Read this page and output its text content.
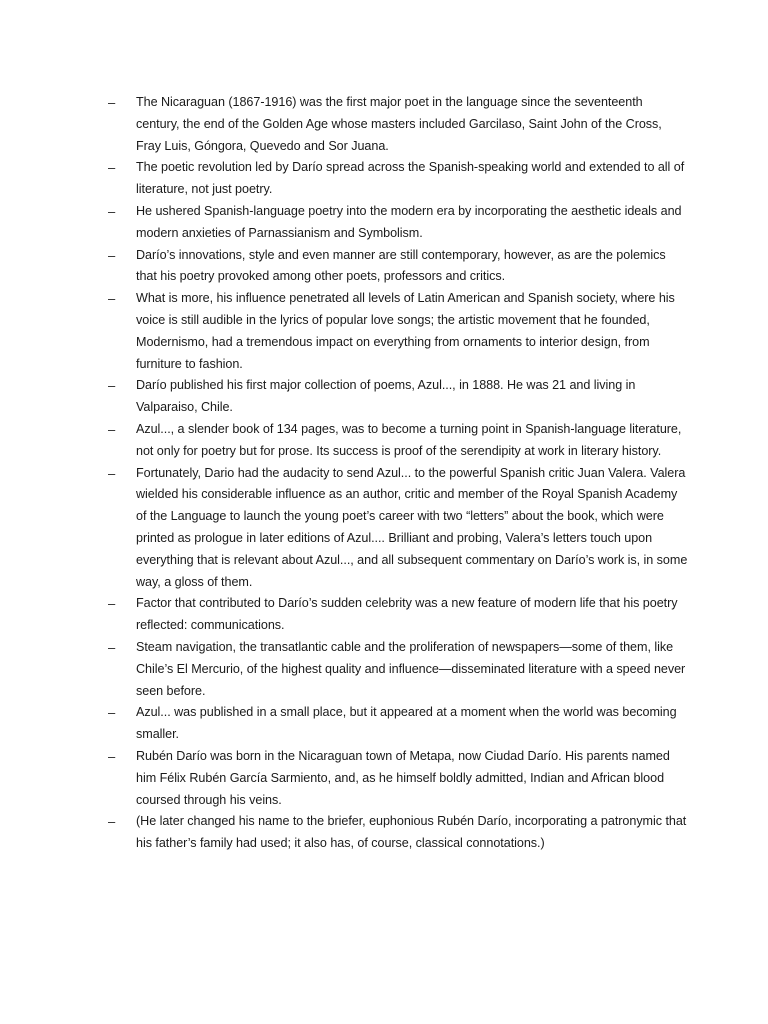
–	The Nicaraguan (1867-1916) was the first major poet in the language since the seventeenth century, the end of the Golden Age whose masters included Garcilaso, Saint John of the Cross, Fray Luis, Góngora, Quevedo and Sor Juana.
–	The poetic revolution led by Darío spread across the Spanish-speaking world and extended to all of literature, not just poetry.
–	He ushered Spanish-language poetry into the modern era by incorporating the aesthetic ideals and modern anxieties of Parnassianism and Symbolism.
–	Darío’s innovations, style and even manner are still contemporary, however, as are the polemics that his poetry provoked among other poets, professors and critics.
–	What is more, his influence penetrated all levels of Latin American and Spanish society, where his voice is still audible in the lyrics of popular love songs; the artistic movement that he founded, Modernismo, had a tremendous impact on everything from ornaments to interior design, from furniture to fashion.
–	Darío published his first major collection of poems, Azul..., in 1888. He was 21 and living in Valparaiso, Chile.
–	Azul..., a slender book of 134 pages, was to become a turning point in Spanish-language literature, not only for poetry but for prose. Its success is proof of the serendipity at work in literary history.
–	Fortunately, Dario had the audacity to send Azul... to the powerful Spanish critic Juan Valera. Valera wielded his considerable influence as an author, critic and member of the Royal Spanish Academy of the Language to launch the young poet’s career with two “letters” about the book, which were printed as prologue in later editions of Azul.... Brilliant and probing, Valera’s letters touch upon everything that is relevant about Azul..., and all subsequent commentary on Darío’s work is, in some way, a gloss of them.
–	Factor that contributed to Darío’s sudden celebrity was a new feature of modern life that his poetry reflected: communications.
–	Steam navigation, the transatlantic cable and the proliferation of newspapers—some of them, like Chile’s El Mercurio, of the highest quality and influence—disseminated literature with a speed never seen before.
–	Azul... was published in a small place, but it appeared at a moment when the world was becoming smaller.
–	Rubén Darío was born in the Nicaraguan town of Metapa, now Ciudad Darío. His parents named him Félix Rubén García Sarmiento, and, as he himself boldly admitted, Indian and African blood coursed through his veins.
–	(He later changed his name to the briefer, euphonious Rubén Darío, incorporating a patronymic that his father’s family had used; it also has, of course, classical connotations.)
